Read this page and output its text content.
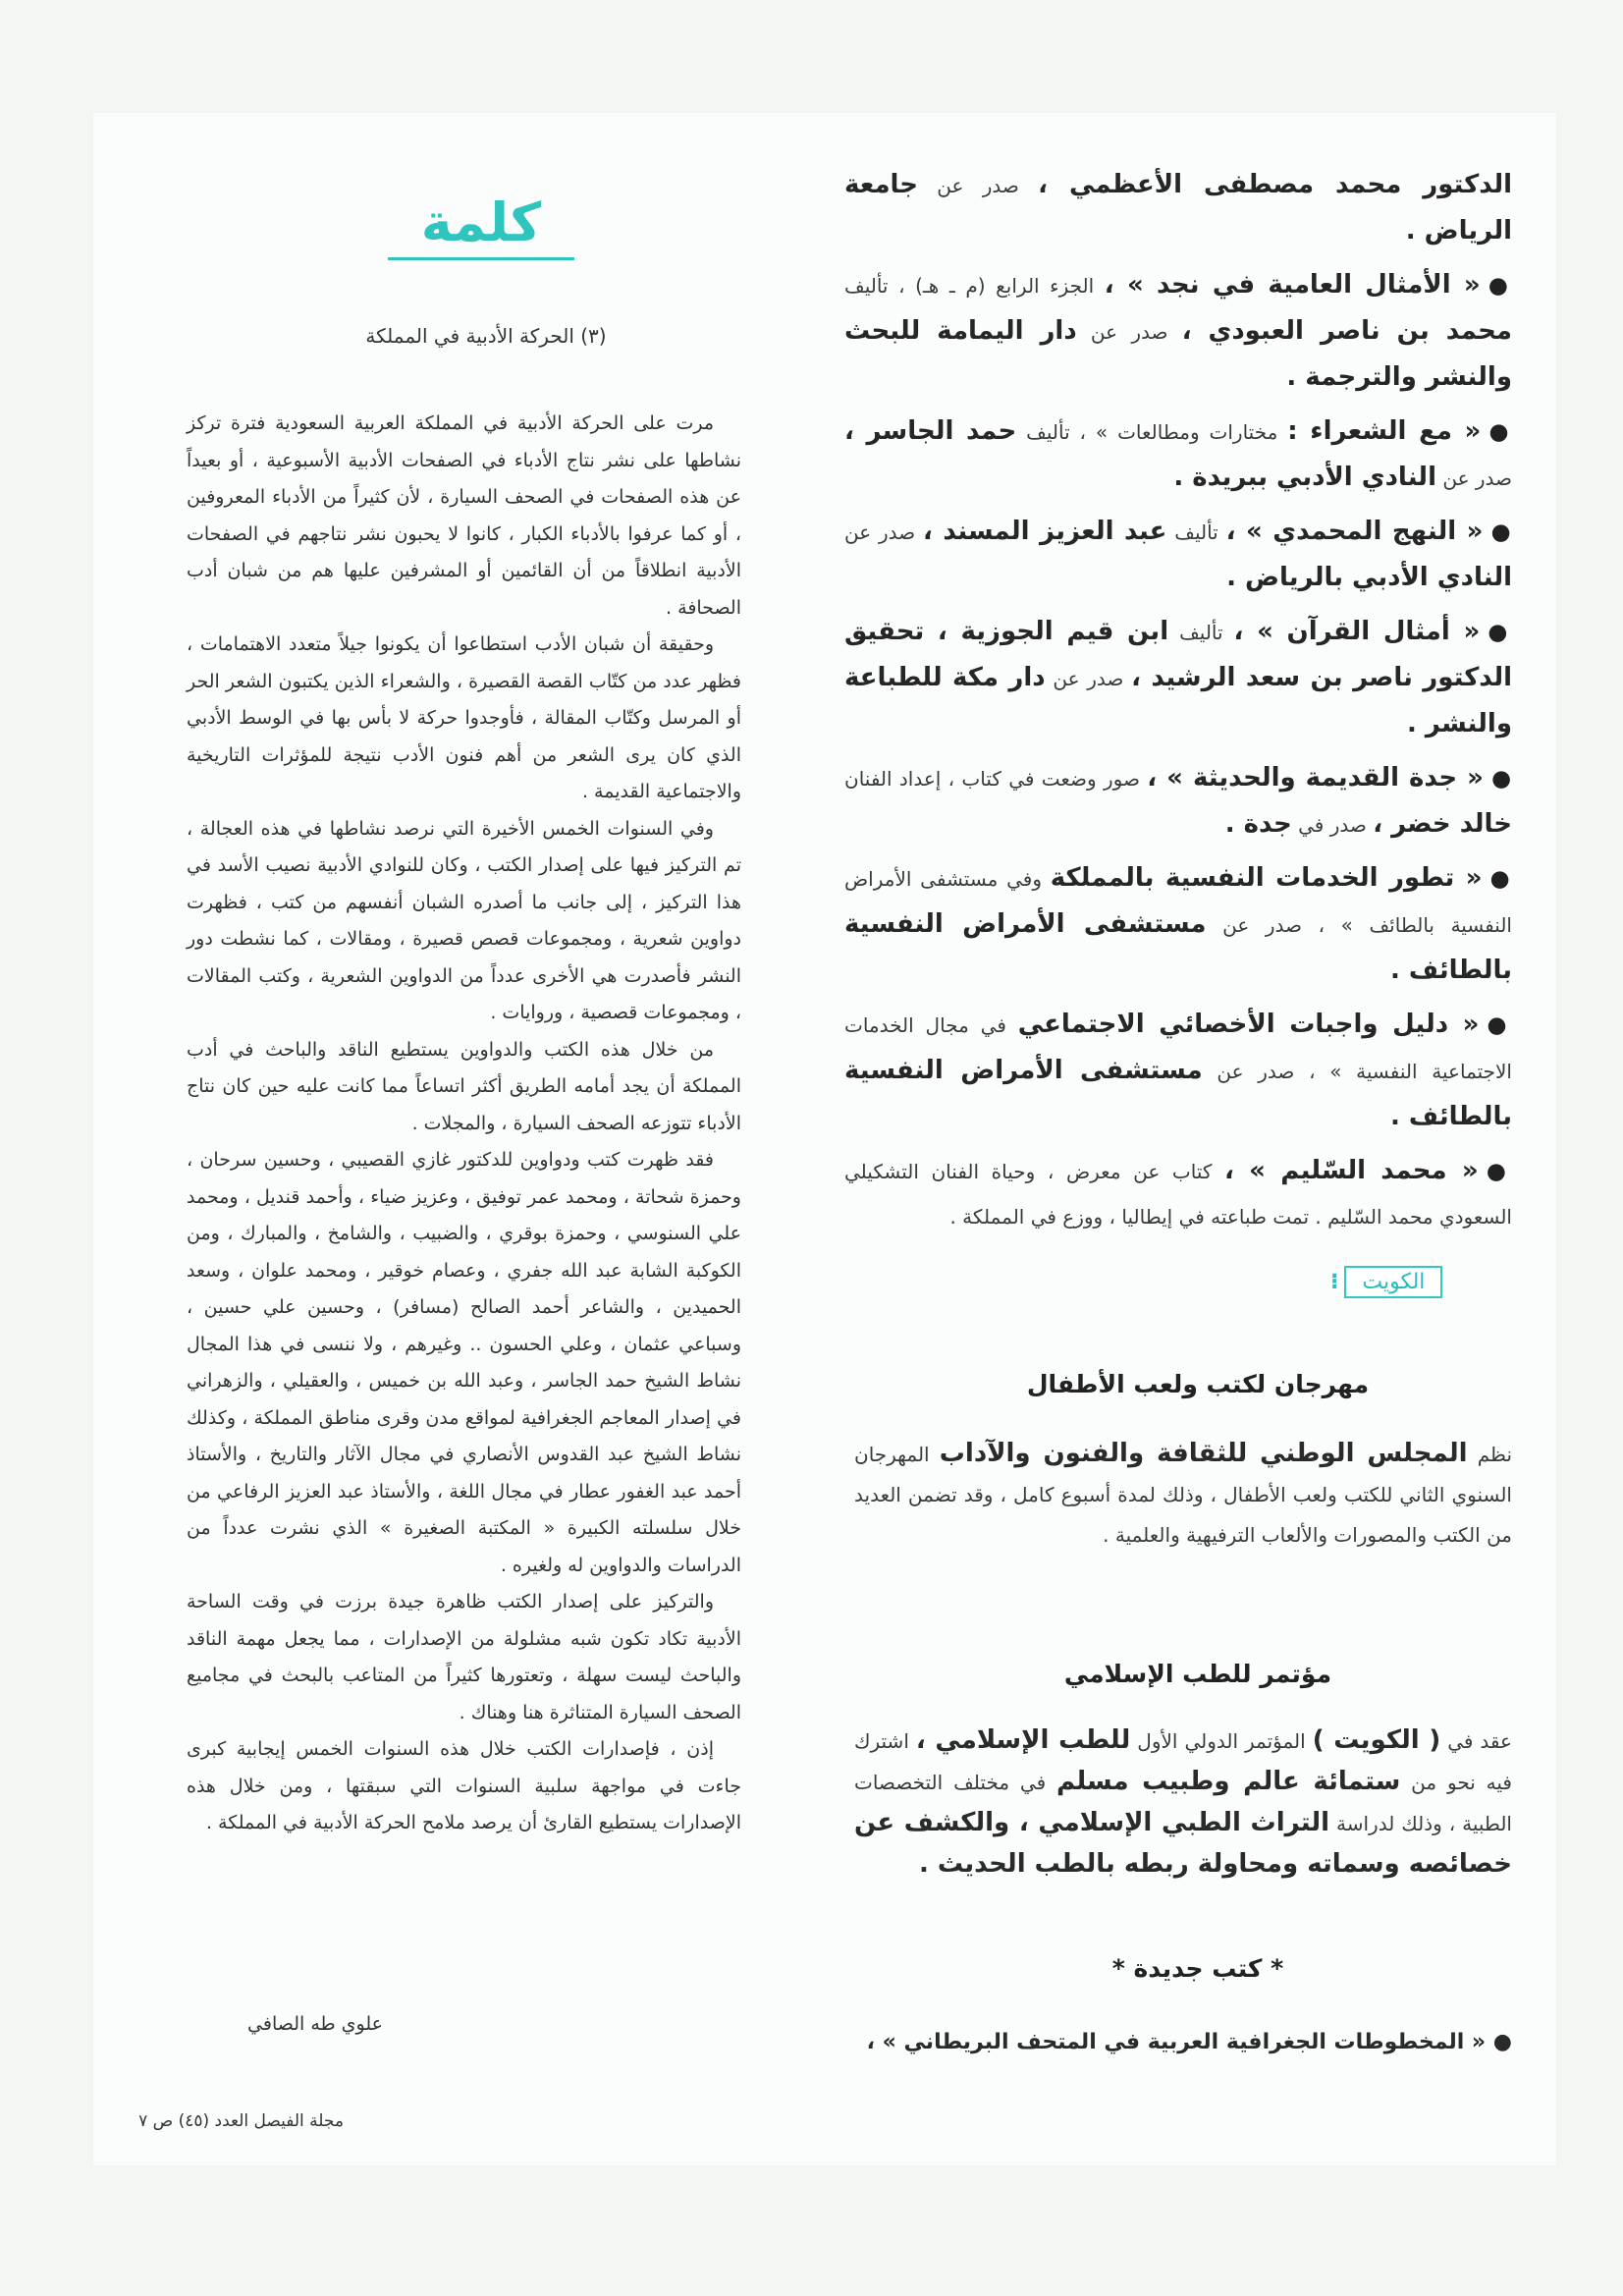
الدكتور محمد مصطفى الأعظمي ، صدر عن جامعة الرياض .
●« الأمثال العامية في نجد » ، الجزء الرابع (م ـ هـ) ، تأليف محمد بن ناصر العبودي ، صدر عن دار اليمامة للبحث والنشر والترجمة .
●« مع الشعراء : مختارات ومطالعات » ، تأليف حمد الجاسر ، صدر عن النادي الأدبي ببريدة .
●« النهج المحمدي » ، تأليف عبد العزيز المسند ، صدر عن النادي الأدبي بالرياض .
●« أمثال القرآن » ، تأليف ابن قيم الجوزية ، تحقيق الدكتور ناصر بن سعد الرشيد ، صدر عن دار مكة للطباعة والنشر .
●« جدة القديمة والحديثة » ، صور وضعت في كتاب ، إعداد الفنان خالد خضر ، صدر في جدة .
●« تطور الخدمات النفسية بالمملكة وفي مستشفى الأمراض النفسية بالطائف » ، صدر عن مستشفى الأمراض النفسية بالطائف .
●« دليل واجبات الأخصائي الاجتماعي في مجال الخدمات الاجتماعية النفسية » ، صدر عن مستشفى الأمراض النفسية بالطائف .
●« محمد السّليم » ، كتاب عن معرض ، وحياة الفنان التشكيلي السعودي محمد السّليم . تمت طباعته في إيطاليا ، ووزع في المملكة .
الكويت
⁝
مهرجان لكتب ولعب الأطفال
نظم المجلس الوطني للثقافة والفنون والآداب المهرجان السنوي الثاني للكتب ولعب الأطفال ، وذلك لمدة أسبوع كامل ، وقد تضمن العديد من الكتب والمصورات والألعاب الترفيهية والعلمية .
مؤتمر للطب الإسلامي
عقد في ( الكويت ) المؤتمر الدولي الأول للطب الإسلامي ، اشترك فيه نحو من ستمائة عالم وطبيب مسلم في مختلف التخصصات الطبية ، وذلك لدراسة التراث الطبي الإسلامي ، والكشف عن خصائصه وسماته ومحاولة ربطه بالطب الحديث .
* كتب جديدة *
● « المخطوطات الجغرافية العربية في المتحف البريطاني » ،
كلمة
(٣) الحركة الأدبية في المملكة

مرت على الحركة الأدبية في المملكة العربية السعودية فترة تركز نشاطها على نشر نتاج الأدباء في الصفحات الأدبية الأسبوعية ، أو بعيداً عن هذه الصفحات في الصحف السيارة ، لأن كثيراً من الأدباء المعروفين ، أو كما عرفوا بالأدباء الكبار ، كانوا لا يحبون نشر نتاجهم في الصفحات الأدبية انطلاقاً من أن القائمين أو المشرفين عليها هم من شبان أدب الصحافة .

وحقيقة أن شبان الأدب استطاعوا أن يكونوا جيلاً متعدد الاهتمامات ، فظهر عدد من كتّاب القصة القصيرة ، والشعراء الذين يكتبون الشعر الحر أو المرسل وكتّاب المقالة ، فأوجدوا حركة لا بأس بها في الوسط الأدبي الذي كان يرى الشعر من أهم فنون الأدب نتيجة للمؤثرات التاريخية والاجتماعية القديمة .

وفي السنوات الخمس الأخيرة التي نرصد نشاطها في هذه العجالة ، تم التركيز فيها على إصدار الكتب ، وكان للنوادي الأدبية نصيب الأسد في هذا التركيز ، إلى جانب ما أصدره الشبان أنفسهم من كتب ، فظهرت دواوين شعرية ، ومجموعات قصص قصيرة ، ومقالات ، كما نشطت دور النشر فأصدرت هي الأخرى عدداً من الدواوين الشعرية ، وكتب المقالات ، ومجموعات قصصية ، وروايات .

من خلال هذه الكتب والدواوين يستطيع الناقد والباحث في أدب المملكة أن يجد أمامه الطريق أكثر اتساعاً مما كانت عليه حين كان نتاج الأدباء تتوزعه الصحف السيارة ، والمجلات .

فقد ظهرت كتب ودواوين للدكتور غازي القصيبي ، وحسين سرحان ، وحمزة شحاتة ، ومحمد عمر توفيق ، وعزيز ضياء ، وأحمد قنديل ، ومحمد علي السنوسي ، وحمزة بوقري ، والضبيب ، والشامخ ، والمبارك ، ومن الكوكبة الشابة عبد الله جفري ، وعصام خوقير ، ومحمد علوان ، وسعد الحميدين ، والشاعر أحمد الصالح (مسافر) ، وحسين علي حسين ، وسباعي عثمان ، وعلي الحسون .. وغيرهم ، ولا ننسى في هذا المجال نشاط الشيخ حمد الجاسر ، وعبد الله بن خميس ، والعقيلي ، والزهراني في إصدار المعاجم الجغرافية لمواقع مدن وقرى مناطق المملكة ، وكذلك نشاط الشيخ عبد القدوس الأنصاري في مجال الآثار والتاريخ ، والأستاذ أحمد عبد الغفور عطار في مجال اللغة ، والأستاذ عبد العزيز الرفاعي من خلال سلسلته الكبيرة « المكتبة الصغيرة » الذي نشرت عدداً من الدراسات والدواوين له ولغيره .

والتركيز على إصدار الكتب ظاهرة جيدة برزت في وقت الساحة الأدبية تكاد تكون شبه مشلولة من الإصدارات ، مما يجعل مهمة الناقد والباحث ليست سهلة ، وتعتورها كثيراً من المتاعب بالبحث في مجاميع الصحف السيارة المتناثرة هنا وهناك .

إذن ، فإصدارات الكتب خلال هذه السنوات الخمس إيجابية كبرى جاءت في مواجهة سلبية السنوات التي سبقتها ، ومن خلال هذه الإصدارات يستطيع القارئ أن يرصد ملامح الحركة الأدبية في المملكة .

علوي طه الصافي
مجلة الفيصل العدد (٤٥) ص ٧
